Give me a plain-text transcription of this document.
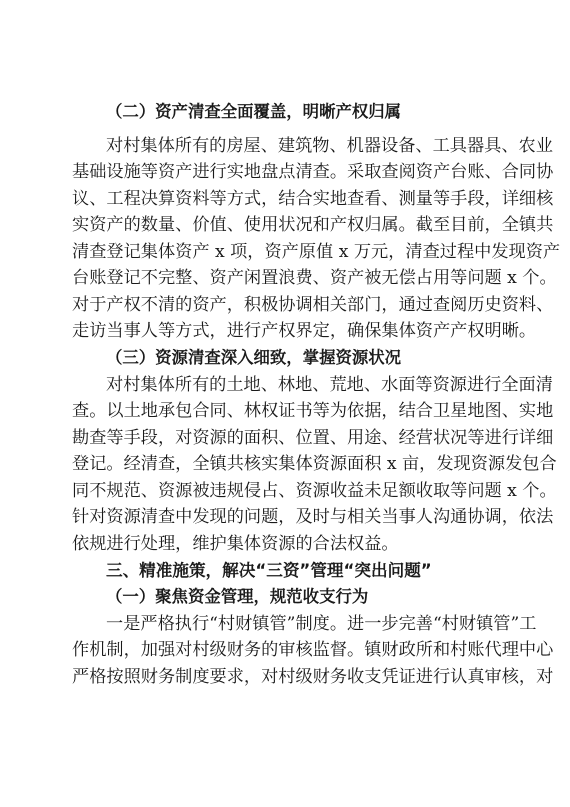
（二）资产清查全面覆盖，明晰产权归属
对村集体所有的房屋、建筑物、机器设备、工具器具、农业
基础设施等资产进行实地盘点清查。采取查阅资产台账、合同协
议、工程决算资料等方式，结合实地查看、测量等手段，详细核
实资产的数量、价值、使用状况和产权归属。截至目前，全镇共
清查登记集体资产 x 项，资产原值 x 万元，清查过程中发现资产
台账登记不完整、资产闲置浪费、资产被无偿占用等问题 x 个。
对于产权不清的资产，积极协调相关部门，通过查阅历史资料、
走访当事人等方式，进行产权界定，确保集体资产产权明晰。
（三）资源清查深入细致，掌握资源状况
对村集体所有的土地、林地、荒地、水面等资源进行全面清
查。以土地承包合同、林权证书等为依据，结合卫星地图、实地
勘查等手段，对资源的面积、位置、用途、经营状况等进行详细
登记。经清查，全镇共核实集体资源面积 x 亩，发现资源发包合
同不规范、资源被违规侵占、资源收益未足额收取等问题 x 个。
针对资源清查中发现的问题，及时与相关当事人沟通协调，依法
依规进行处理，维护集体资源的合法权益。
三、精准施策，解决“三资”管理“突出问题”
（一）聚焦资金管理，规范收支行为
一是严格执行“村财镇管”制度。进一步完善“村财镇管”工
作机制，加强对村级财务的审核监督。镇财政所和村账代理中心
严格按照财务制度要求，对村级财务收支凭证进行认真审核，对
